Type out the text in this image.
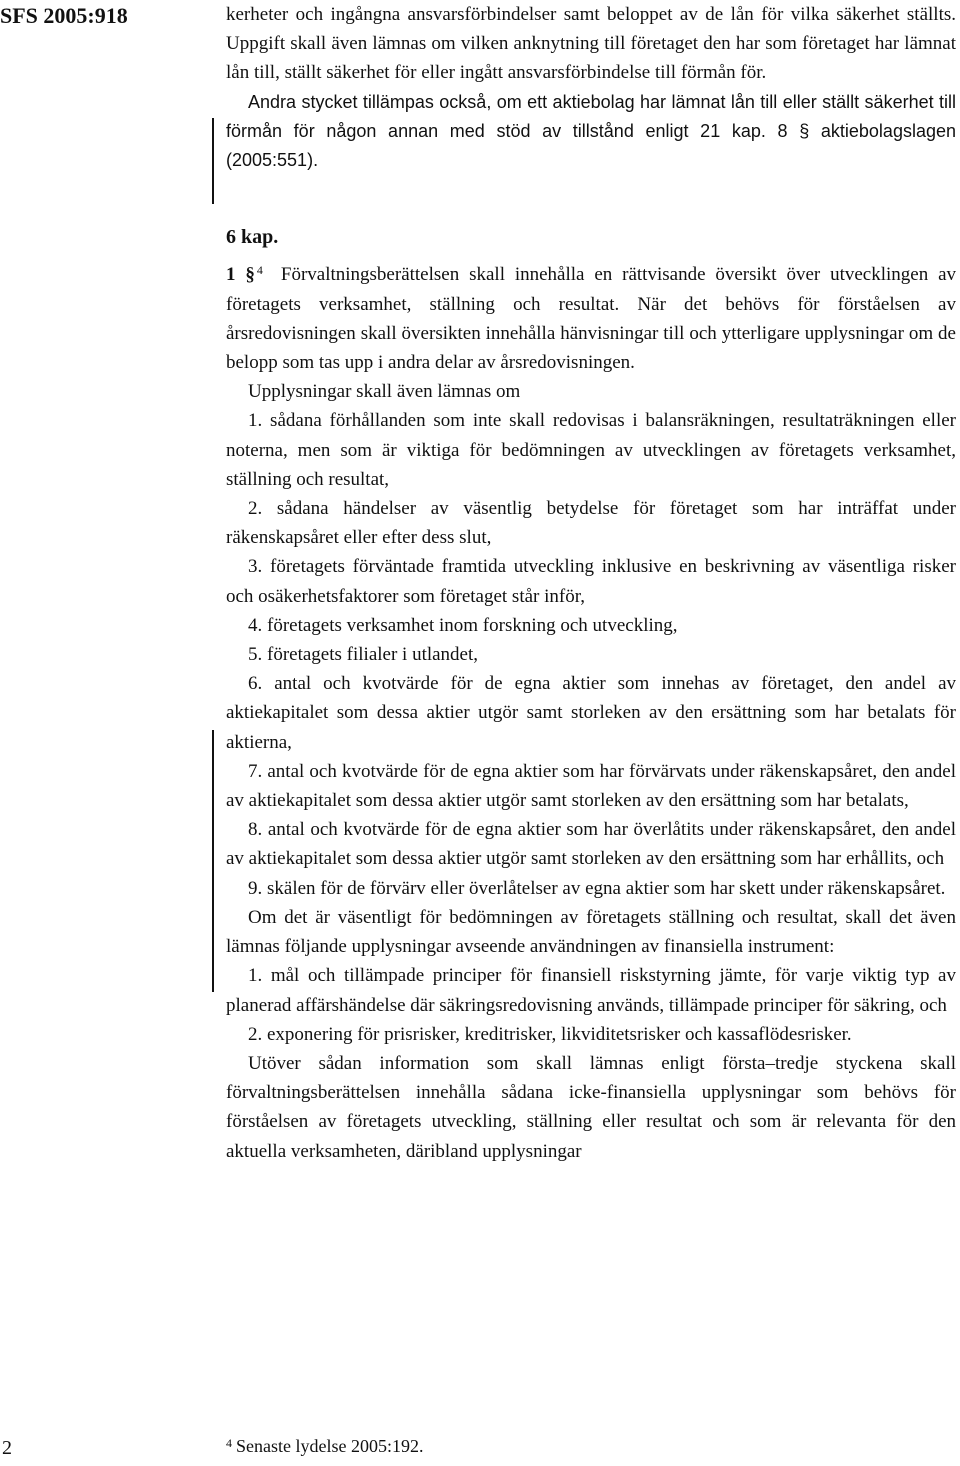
SFS 2005:918	kerheter och ingångna ansvarsförbindelser samt beloppet av de lån för vilka säkerhet ställts. Uppgift skall även lämnas om vilken anknytning till företaget den har som företaget har lämnat lån till, ställt säkerhet för eller ingått ansvarsförbindelse till förmån för.

Andra stycket tillämpas också, om ett aktiebolag har lämnat lån till eller ställt säkerhet till förmån för någon annan med stöd av tillstånd enligt 21 kap. 8 § aktiebolagslagen (2005:551).

6 kap.

1 § $^4$ Förvaltningsberättelsen skall innehålla en rättvisande översikt över utvecklingen av företagets verksamhet, ställning och resultat. När det behövs för förståelsen av årsredovisningen skall översikten innehålla hänvisningar till och ytterligare upplysningar om de belopp som tas upp i andra delar av årsredovisningen.

Upplysningar skall även lämnas om

1. sådana förhållanden som inte skall redovisas i balansräkningen, resultaträkningen eller noterna, men som är viktiga för bedömningen av utvecklingen av företagets verksamhet, ställning och resultat,

2. sådana händelser av väsentlig betydelse för företaget som har inträffat under räkenskapsåret eller efter dess slut,

3. företagets förväntade framtida utveckling inklusive en beskrivning av väsentliga risker och osäkerhetsfaktorer som företaget står inför,

4. företagets verksamhet inom forskning och utveckling,

5. företagets filialer i utlandet,

6. antal och kvotvärde för de egna aktier som innehas av företaget, den andel av aktiekapitalet som dessa aktier utgör samt storleken av den ersättning som har betalats för aktierna,

7. antal och kvotvärde för de egna aktier som har förvärvats under räkenskapsåret, den andel av aktiekapitalet som dessa aktier utgör samt storleken av den ersättning som har betalats,

8. antal och kvotvärde för de egna aktier som har överlåtits under räkenskapsåret, den andel av aktiekapitalet som dessa aktier utgör samt storleken av den ersättning som har erhållits, och

9. skälen för de förvärv eller överlåtelser av egna aktier som har skett under räkenskapsåret.

Om det är väsentligt för bedömningen av företagets ställning och resultat, skall det även lämnas följande upplysningar avseende användningen av finansiella instrument:

1. mål och tillämpade principer för finansiell riskstyrning jämte, för varje viktig typ av planerad affärshändelse där säkringsredovisning används, tillämpade principer för säkring, och

2. exponering för prisrisker, kreditrisker, likviditetsrisker och kassaflödesrisker.

Utöver sådan information som skall lämnas enligt första–tredje styckena skall förvaltningsberättelsen innehålla sådana icke-finansiella upplysningar som behövs för förståelsen av företagets utveckling, ställning eller resultat och som är relevanta för den aktuella verksamheten, däribland upplysningar

2	$^4$ Senaste lydelse 2005:192.
